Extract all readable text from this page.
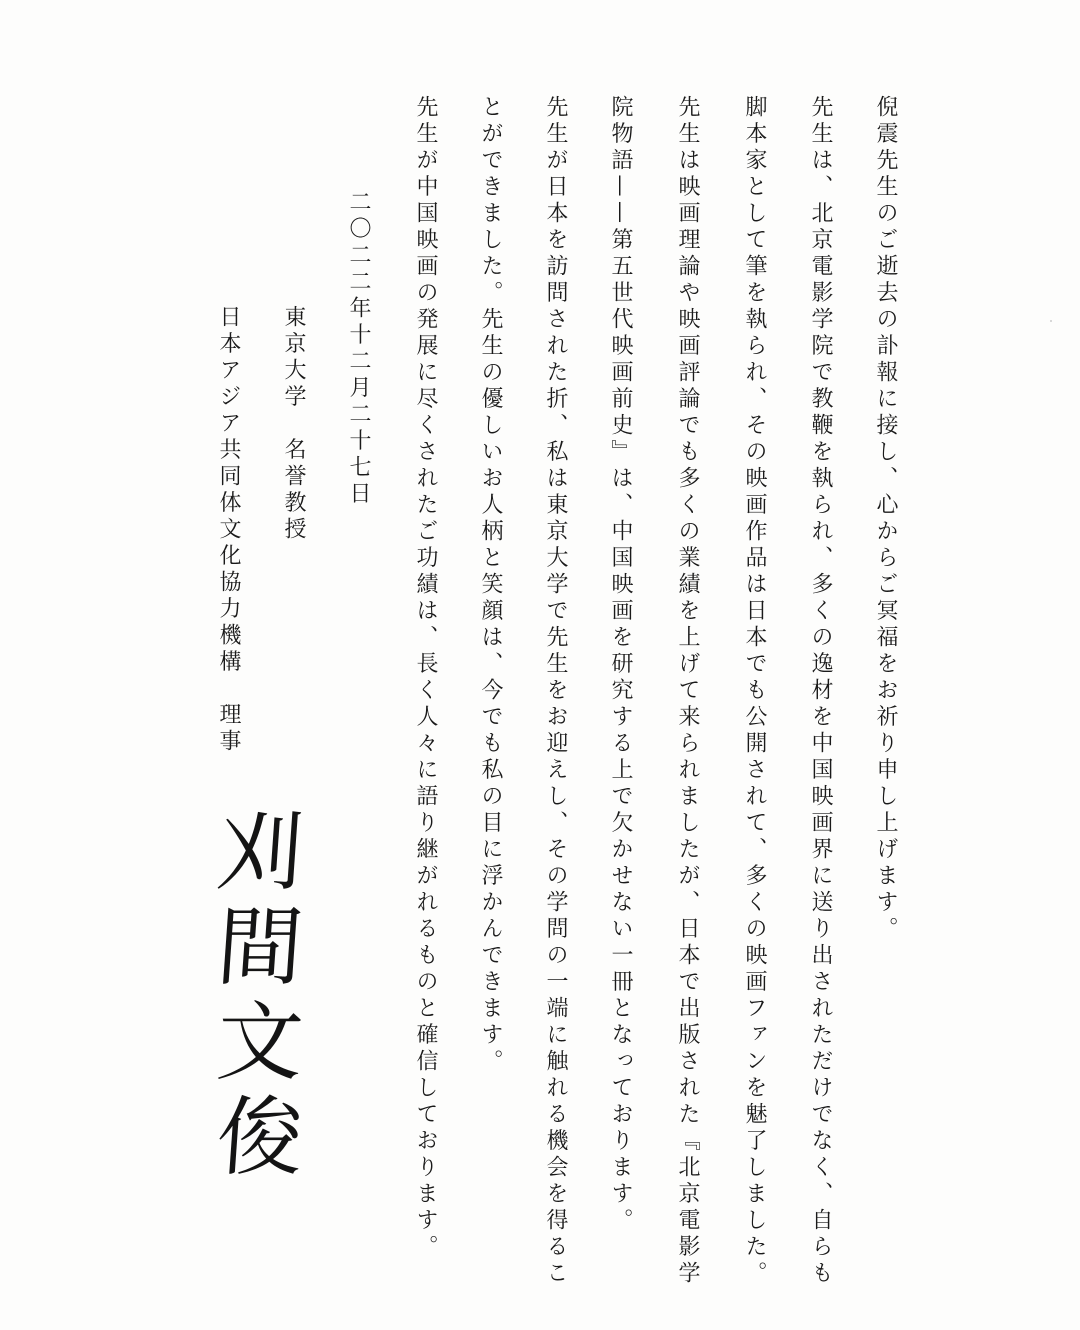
倪震先生のご逝去の訃報に接し、心からご冥福をお祈り申し上げます。
先生は、北京電影学院で教鞭を執られ、多くの逸材を中国映画界に送り出されただけでなく、自らも
脚本家として筆を執られ、その映画作品は日本でも公開されて、多くの映画ファンを魅了しました。
先生は映画理論や映画評論でも多くの業績を上げて来られましたが、日本で出版された『北京電影学
院物語——第五世代映画前史』は、中国映画を研究する上で欠かせない一冊となっております。
先生が日本を訪問された折、私は東京大学で先生をお迎えし、その学問の一端に触れる機会を得るこ
とができました。先生の優しいお人柄と笑顔は、今でも私の目に浮かんできます。
先生が中国映画の発展に尽くされたご功績は、長く人々に語り継がれるものと確信しております。
二〇二二年十二月二十七日
東京大学　名誉教授
日本アジア共同体文化協力機構　理事
刈
間
文
俊
